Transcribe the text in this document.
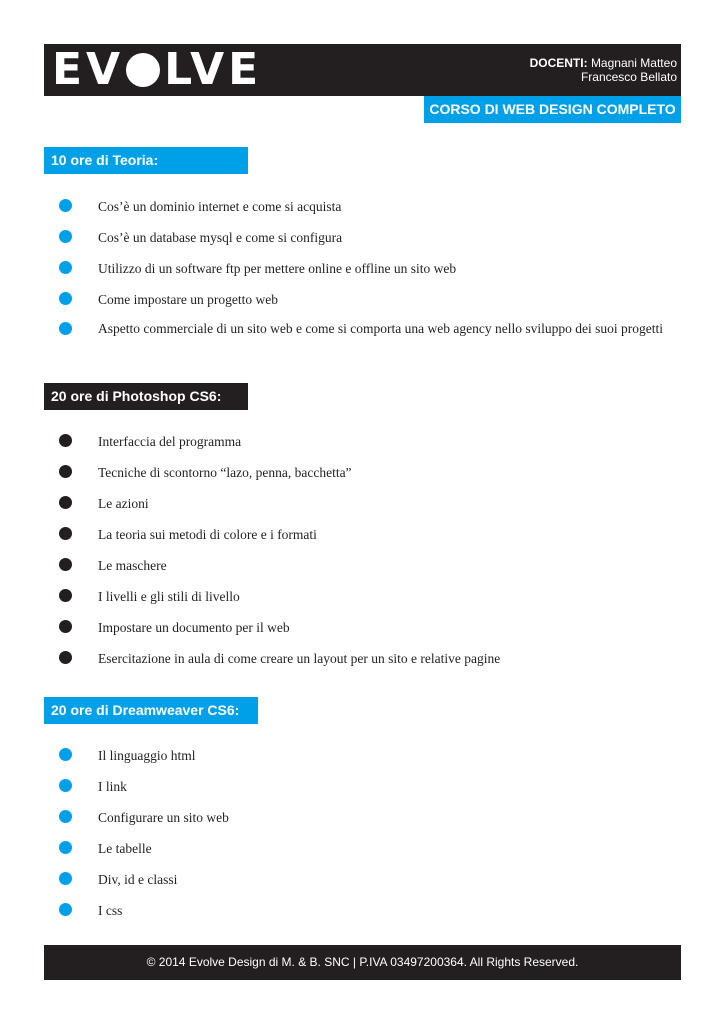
EV LVE	DOCENTI: Magnani Matteo
Francesco Bellato
CORSO DI WEB DESIGN COMPLETO
10 ore di Teoria:
Cos’è un dominio internet e come si acquista
Cos’è un database mysql e come si configura
Utilizzo di un software ftp per mettere online e offline un sito web
Come impostare un progetto web
Aspetto commerciale di un sito web e come si comporta una web agency nello sviluppo dei suoi progetti
20 ore di Photoshop CS6:
Interfaccia del programma
Tecniche di scontorno “lazo, penna, bacchetta”
Le azioni
La teoria sui metodi di colore e i formati
Le maschere
I livelli e gli stili di livello
Impostare un documento per il web
Esercitazione in aula di come creare un layout per un sito e relative pagine
20 ore di Dreamweaver CS6:
Il linguaggio html
I link
Configurare un sito web
Le tabelle
Div, id e classi
I css
© 2014 Evolve Design di M. & B. SNC | P.IVA 03497200364. All Rights Reserved.
